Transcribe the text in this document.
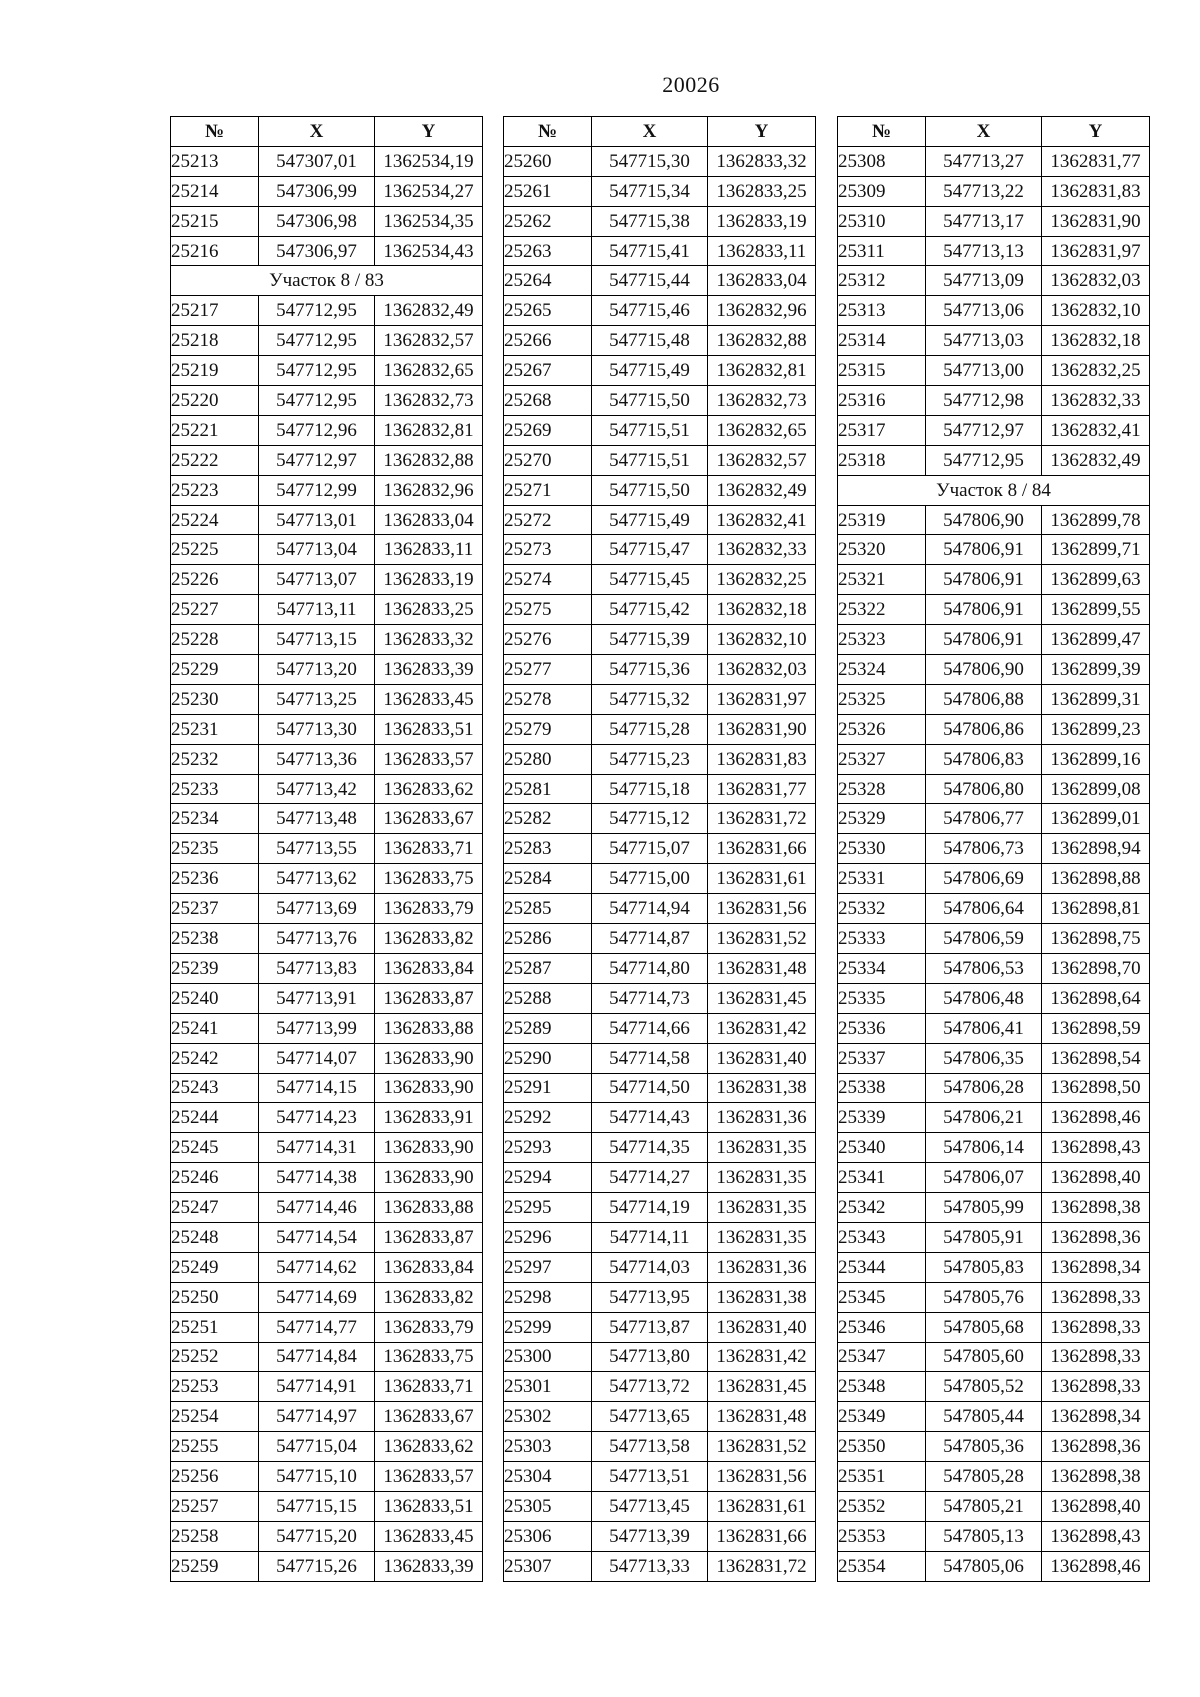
20026
№	X	Y
25213	547307,01	1362534,19
25214	547306,99	1362534,27
25215	547306,98	1362534,35
25216	547306,97	1362534,43
Участок 8 / 83		
25217	547712,95	1362832,49
25218	547712,95	1362832,57
25219	547712,95	1362832,65
25220	547712,95	1362832,73
25221	547712,96	1362832,81
25222	547712,97	1362832,88
25223	547712,99	1362832,96
25224	547713,01	1362833,04
25225	547713,04	1362833,11
25226	547713,07	1362833,19
25227	547713,11	1362833,25
25228	547713,15	1362833,32
25229	547713,20	1362833,39
25230	547713,25	1362833,45
25231	547713,30	1362833,51
25232	547713,36	1362833,57
25233	547713,42	1362833,62
25234	547713,48	1362833,67
25235	547713,55	1362833,71
25236	547713,62	1362833,75
25237	547713,69	1362833,79
25238	547713,76	1362833,82
25239	547713,83	1362833,84
25240	547713,91	1362833,87
25241	547713,99	1362833,88
25242	547714,07	1362833,90
25243	547714,15	1362833,90
25244	547714,23	1362833,91
25245	547714,31	1362833,90
25246	547714,38	1362833,90
25247	547714,46	1362833,88
25248	547714,54	1362833,87
25249	547714,62	1362833,84
25250	547714,69	1362833,82
25251	547714,77	1362833,79
25252	547714,84	1362833,75
25253	547714,91	1362833,71
25254	547714,97	1362833,67
25255	547715,04	1362833,62
25256	547715,10	1362833,57
25257	547715,15	1362833,51
25258	547715,20	1362833,45
25259	547715,26	1362833,39
№	X	Y
25260	547715,30	1362833,32
25261	547715,34	1362833,25
25262	547715,38	1362833,19
25263	547715,41	1362833,11
25264	547715,44	1362833,04
25265	547715,46	1362832,96
25266	547715,48	1362832,88
25267	547715,49	1362832,81
25268	547715,50	1362832,73
25269	547715,51	1362832,65
25270	547715,51	1362832,57
25271	547715,50	1362832,49
25272	547715,49	1362832,41
25273	547715,47	1362832,33
25274	547715,45	1362832,25
25275	547715,42	1362832,18
25276	547715,39	1362832,10
25277	547715,36	1362832,03
25278	547715,32	1362831,97
25279	547715,28	1362831,90
25280	547715,23	1362831,83
25281	547715,18	1362831,77
25282	547715,12	1362831,72
25283	547715,07	1362831,66
25284	547715,00	1362831,61
25285	547714,94	1362831,56
25286	547714,87	1362831,52
25287	547714,80	1362831,48
25288	547714,73	1362831,45
25289	547714,66	1362831,42
25290	547714,58	1362831,40
25291	547714,50	1362831,38
25292	547714,43	1362831,36
25293	547714,35	1362831,35
25294	547714,27	1362831,35
25295	547714,19	1362831,35
25296	547714,11	1362831,35
25297	547714,03	1362831,36
25298	547713,95	1362831,38
25299	547713,87	1362831,40
25300	547713,80	1362831,42
25301	547713,72	1362831,45
25302	547713,65	1362831,48
25303	547713,58	1362831,52
25304	547713,51	1362831,56
25305	547713,45	1362831,61
25306	547713,39	1362831,66
25307	547713,33	1362831,72
№	X	Y
25308	547713,27	1362831,77
25309	547713,22	1362831,83
25310	547713,17	1362831,90
25311	547713,13	1362831,97
25312	547713,09	1362832,03
25313	547713,06	1362832,10
25314	547713,03	1362832,18
25315	547713,00	1362832,25
25316	547712,98	1362832,33
25317	547712,97	1362832,41
25318	547712,95	1362832,49
Участок 8 / 84		
25319	547806,90	1362899,78
25320	547806,91	1362899,71
25321	547806,91	1362899,63
25322	547806,91	1362899,55
25323	547806,91	1362899,47
25324	547806,90	1362899,39
25325	547806,88	1362899,31
25326	547806,86	1362899,23
25327	547806,83	1362899,16
25328	547806,80	1362899,08
25329	547806,77	1362899,01
25330	547806,73	1362898,94
25331	547806,69	1362898,88
25332	547806,64	1362898,81
25333	547806,59	1362898,75
25334	547806,53	1362898,70
25335	547806,48	1362898,64
25336	547806,41	1362898,59
25337	547806,35	1362898,54
25338	547806,28	1362898,50
25339	547806,21	1362898,46
25340	547806,14	1362898,43
25341	547806,07	1362898,40
25342	547805,99	1362898,38
25343	547805,91	1362898,36
25344	547805,83	1362898,34
25345	547805,76	1362898,33
25346	547805,68	1362898,33
25347	547805,60	1362898,33
25348	547805,52	1362898,33
25349	547805,44	1362898,34
25350	547805,36	1362898,36
25351	547805,28	1362898,38
25352	547805,21	1362898,40
25353	547805,13	1362898,43
25354	547805,06	1362898,46
